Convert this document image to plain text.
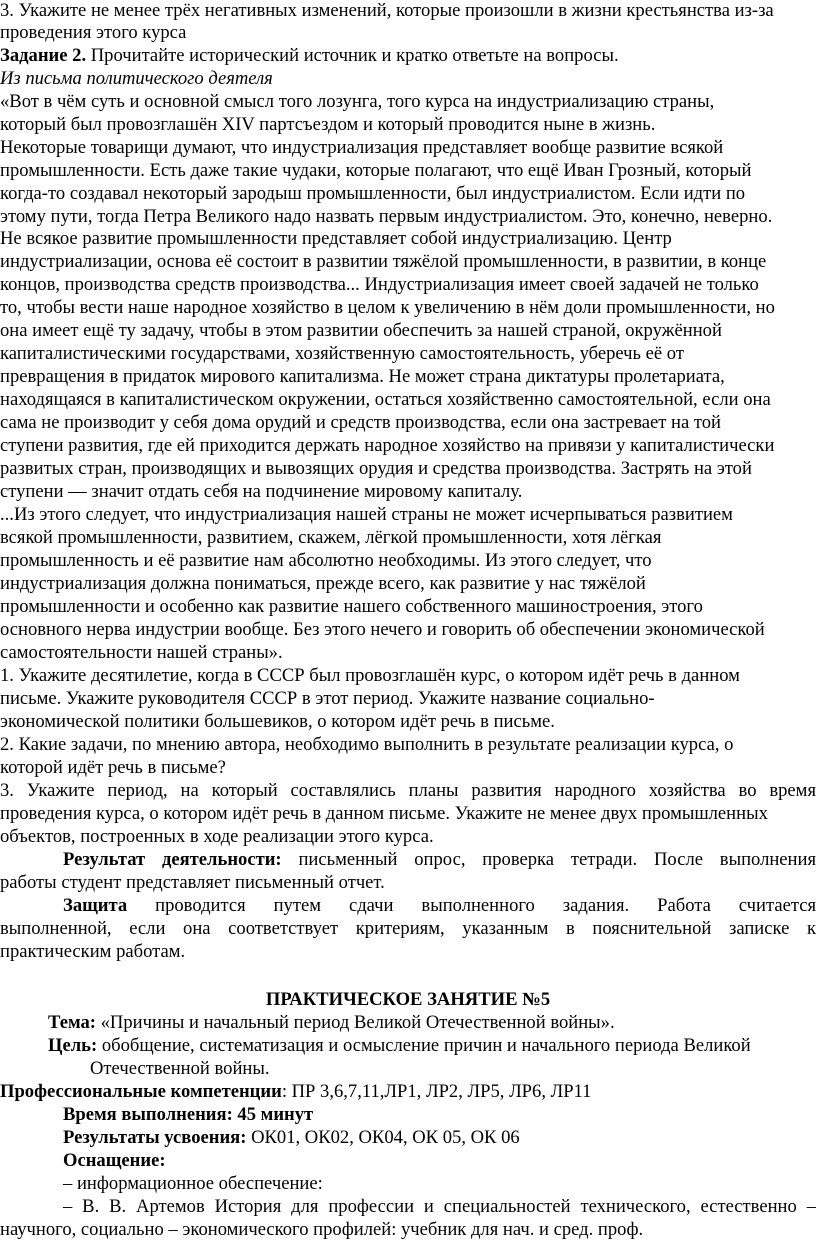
3. Укажите не менее трёх негативных изменений, которые произошли в жизни крестьянства из-за
проведения этого курса
Задание 2. Прочитайте исторический источник и кратко ответьте на вопросы.
Из письма политического деятеля
«Вот в чём суть и основной смысл того лозунга, того курса на индустриализацию страны,
который был провозглашён XIV партсъездом и который проводится ныне в жизнь.
Некоторые товарищи думают, что индустриализация представляет вообще развитие всякой
промышленности. Есть даже такие чудаки, которые полагают, что ещё Иван Грозный, который
когда-то создавал некоторый зародыш промышленности, был индустриалистом. Если идти по
этому пути, тогда Петра Великого надо назвать первым индустриалистом. Это, конечно, неверно.
Не всякое развитие промышленности представляет собой индустриализацию. Центр
индустриализации, основа её состоит в развитии тяжёлой промышленности, в развитии, в конце
концов, производства средств производства... Индустриализация имеет своей задачей не только
то, чтобы вести наше народное хозяйство в целом к увеличению в нём доли промышленности, но
она имеет ещё ту задачу, чтобы в этом развитии обеспечить за нашей страной, окружённой
капиталистическими государствами, хозяйственную самостоятельность, уберечь её от
превращения в придаток мирового капитализма. Не может страна диктатуры пролетариата,
находящаяся в капиталистическом окружении, остаться хозяйственно самостоятельной, если она
сама не производит у себя дома орудий и средств производства, если она застревает на той
ступени развития, где ей приходится держать народное хозяйство на привязи у капиталистически
развитых стран, производящих и вывозящих орудия и средства производства. Застрять на этой
ступени — значит отдать себя на подчинение мировому капиталу.
...Из этого следует, что индустриализация нашей страны не может исчерпываться развитием
всякой промышленности, развитием, скажем, лёгкой промышленности, хотя лёгкая
промышленность и её развитие нам абсолютно необходимы. Из этого следует, что
индустриализация должна пониматься, прежде всего, как развитие у нас тяжёлой
промышленности и особенно как развитие нашего собственного машиностроения, этого
основного нерва индустрии вообще. Без этого нечего и говорить об обеспечении экономической
самостоятельности нашей страны».
1. Укажите десятилетие, когда в СССР был провозглашён курс, о котором идёт речь в данном
письме. Укажите руководителя СССР в этот период. Укажите название социально-
экономической политики большевиков, о котором идёт речь в письме.
2. Какие задачи, по мнению автора, необходимо выполнить в результате реализации курса, о
которой идёт речь в письме?
3. Укажите период, на который составлялись планы развития народного хозяйства во время
проведения курса, о котором идёт речь в данном письме. Укажите не менее двух промышленных
объектов, построенных в ходе реализации этого курса.
Результат деятельности: письменный опрос, проверка тетради. После выполнения
работы студент представляет письменный отчет.
Защита проводится путем сдачи выполненного задания. Работа считается
выполненной, если она соответствует критериям, указанным в пояснительной записке к
практическим работам.
ПРАКТИЧЕСКОЕ ЗАНЯТИЕ №5
Тема: «Причины и начальный период Великой Отечественной войны».
Цель: обобщение, систематизация и осмысление причин и начального периода Великой
Отечественной войны.
Профессиональные компетенции: ПР 3,6,7,11,ЛР1, ЛР2, ЛР5, ЛР6, ЛР11
Время выполнения: 45 минут
Результаты усвоения: ОК01, ОК02, ОК04, ОК 05, ОК 06
Оснащение:
– информационное обеспечение:
– В. В. Артемов История для профессии и специальностей технического, естественно –
научного, социально – экономического профилей: учебник для нач. и сред. проф.
